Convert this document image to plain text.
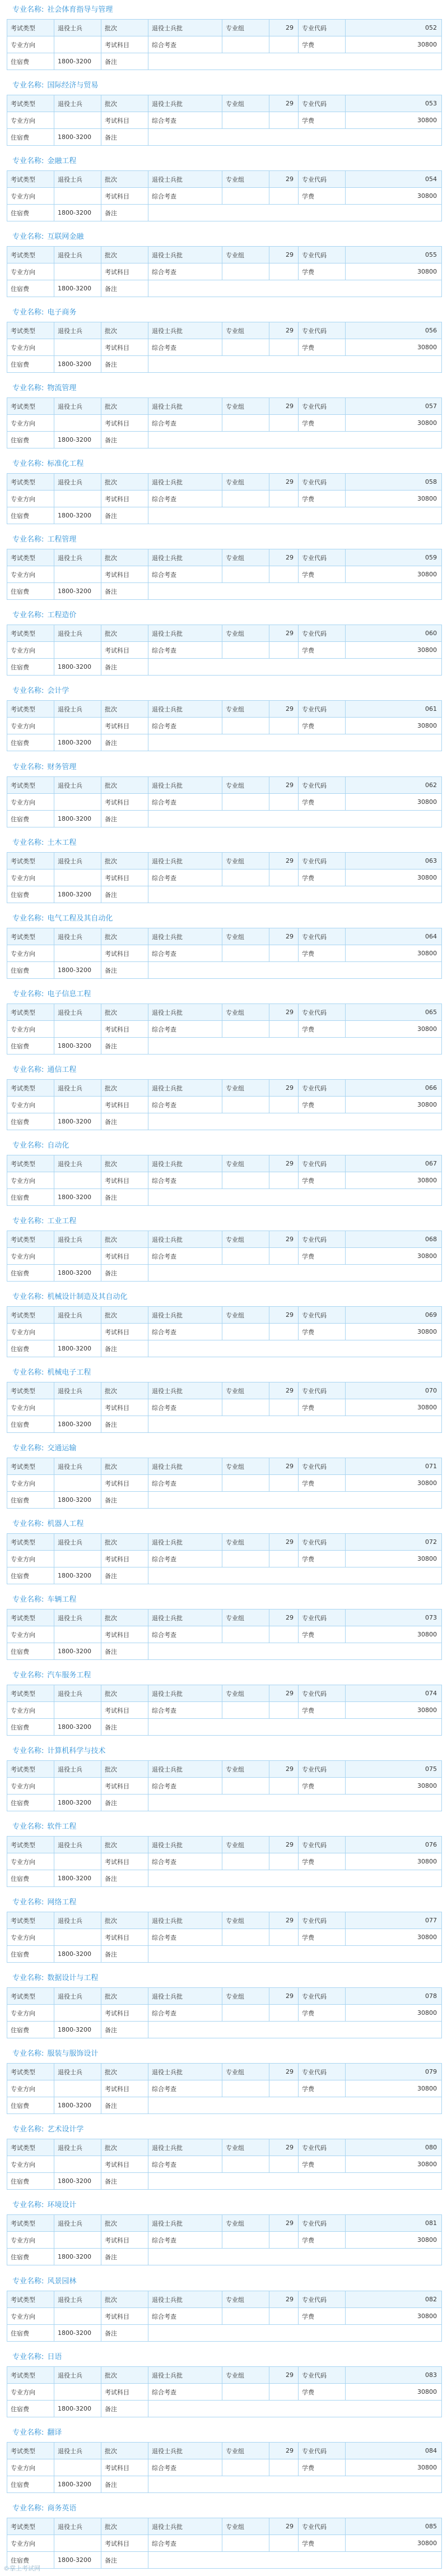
专业名称: 社会体育指导与管理
考试类型	退役士兵	批次	退役士兵批	专业组	29	专业代码	052
专业方向		考试科目	综合考查			学费	30800
住宿费	1800-3200	备注					
专业名称: 国际经济与贸易
考试类型	退役士兵	批次	退役士兵批	专业组	29	专业代码	053
专业方向		考试科目	综合考查			学费	30800
住宿费	1800-3200	备注					
专业名称: 金融工程
考试类型	退役士兵	批次	退役士兵批	专业组	29	专业代码	054
专业方向		考试科目	综合考查			学费	30800
住宿费	1800-3200	备注					
专业名称: 互联网金融
考试类型	退役士兵	批次	退役士兵批	专业组	29	专业代码	055
专业方向		考试科目	综合考查			学费	30800
住宿费	1800-3200	备注					
专业名称: 电子商务
考试类型	退役士兵	批次	退役士兵批	专业组	29	专业代码	056
专业方向		考试科目	综合考查			学费	30800
住宿费	1800-3200	备注					
专业名称: 物流管理
考试类型	退役士兵	批次	退役士兵批	专业组	29	专业代码	057
专业方向		考试科目	综合考查			学费	30800
住宿费	1800-3200	备注					
专业名称: 标准化工程
考试类型	退役士兵	批次	退役士兵批	专业组	29	专业代码	058
专业方向		考试科目	综合考查			学费	30800
住宿费	1800-3200	备注					
专业名称: 工程管理
考试类型	退役士兵	批次	退役士兵批	专业组	29	专业代码	059
专业方向		考试科目	综合考查			学费	30800
住宿费	1800-3200	备注					
专业名称: 工程造价
考试类型	退役士兵	批次	退役士兵批	专业组	29	专业代码	060
专业方向		考试科目	综合考查			学费	30800
住宿费	1800-3200	备注					
专业名称: 会计学
考试类型	退役士兵	批次	退役士兵批	专业组	29	专业代码	061
专业方向		考试科目	综合考查			学费	30800
住宿费	1800-3200	备注					
专业名称: 财务管理
考试类型	退役士兵	批次	退役士兵批	专业组	29	专业代码	062
专业方向		考试科目	综合考查			学费	30800
住宿费	1800-3200	备注					
专业名称: 土木工程
考试类型	退役士兵	批次	退役士兵批	专业组	29	专业代码	063
专业方向		考试科目	综合考查			学费	30800
住宿费	1800-3200	备注					
专业名称: 电气工程及其自动化
考试类型	退役士兵	批次	退役士兵批	专业组	29	专业代码	064
专业方向		考试科目	综合考查			学费	30800
住宿费	1800-3200	备注					
专业名称: 电子信息工程
考试类型	退役士兵	批次	退役士兵批	专业组	29	专业代码	065
专业方向		考试科目	综合考查			学费	30800
住宿费	1800-3200	备注					
专业名称: 通信工程
考试类型	退役士兵	批次	退役士兵批	专业组	29	专业代码	066
专业方向		考试科目	综合考查			学费	30800
住宿费	1800-3200	备注					
专业名称: 自动化
考试类型	退役士兵	批次	退役士兵批	专业组	29	专业代码	067
专业方向		考试科目	综合考查			学费	30800
住宿费	1800-3200	备注					
专业名称: 工业工程
考试类型	退役士兵	批次	退役士兵批	专业组	29	专业代码	068
专业方向		考试科目	综合考查			学费	30800
住宿费	1800-3200	备注					
专业名称: 机械设计制造及其自动化
考试类型	退役士兵	批次	退役士兵批	专业组	29	专业代码	069
专业方向		考试科目	综合考查			学费	30800
住宿费	1800-3200	备注					
专业名称: 机械电子工程
考试类型	退役士兵	批次	退役士兵批	专业组	29	专业代码	070
专业方向		考试科目	综合考查			学费	30800
住宿费	1800-3200	备注					
专业名称: 交通运输
考试类型	退役士兵	批次	退役士兵批	专业组	29	专业代码	071
专业方向		考试科目	综合考查			学费	30800
住宿费	1800-3200	备注					
专业名称: 机器人工程
考试类型	退役士兵	批次	退役士兵批	专业组	29	专业代码	072
专业方向		考试科目	综合考查			学费	30800
住宿费	1800-3200	备注					
专业名称: 车辆工程
考试类型	退役士兵	批次	退役士兵批	专业组	29	专业代码	073
专业方向		考试科目	综合考查			学费	30800
住宿费	1800-3200	备注					
专业名称: 汽车服务工程
考试类型	退役士兵	批次	退役士兵批	专业组	29	专业代码	074
专业方向		考试科目	综合考查			学费	30800
住宿费	1800-3200	备注					
专业名称: 计算机科学与技术
考试类型	退役士兵	批次	退役士兵批	专业组	29	专业代码	075
专业方向		考试科目	综合考查			学费	30800
住宿费	1800-3200	备注					
专业名称: 软件工程
考试类型	退役士兵	批次	退役士兵批	专业组	29	专业代码	076
专业方向		考试科目	综合考查			学费	30800
住宿费	1800-3200	备注					
专业名称: 网络工程
考试类型	退役士兵	批次	退役士兵批	专业组	29	专业代码	077
专业方向		考试科目	综合考查			学费	30800
住宿费	1800-3200	备注					
专业名称: 数据设计与工程
考试类型	退役士兵	批次	退役士兵批	专业组	29	专业代码	078
专业方向		考试科目	综合考查			学费	30800
住宿费	1800-3200	备注					
专业名称: 服装与服饰设计
考试类型	退役士兵	批次	退役士兵批	专业组	29	专业代码	079
专业方向		考试科目	综合考查			学费	30800
住宿费	1800-3200	备注					
专业名称: 艺术设计学
考试类型	退役士兵	批次	退役士兵批	专业组	29	专业代码	080
专业方向		考试科目	综合考查			学费	30800
住宿费	1800-3200	备注					
专业名称: 环境设计
考试类型	退役士兵	批次	退役士兵批	专业组	29	专业代码	081
专业方向		考试科目	综合考查			学费	30800
住宿费	1800-3200	备注					
专业名称: 风景园林
考试类型	退役士兵	批次	退役士兵批	专业组	29	专业代码	082
专业方向		考试科目	综合考查			学费	30800
住宿费	1800-3200	备注					
专业名称: 日语
考试类型	退役士兵	批次	退役士兵批	专业组	29	专业代码	083
专业方向		考试科目	综合考查			学费	30800
住宿费	1800-3200	备注					
专业名称: 翻译
考试类型	退役士兵	批次	退役士兵批	专业组	29	专业代码	084
专业方向		考试科目	综合考查			学费	30800
住宿费	1800-3200	备注					
专业名称: 商务英语
考试类型	退役士兵	批次	退役士兵批	专业组	29	专业代码	085
专业方向		考试科目	综合考查			学费	30800
住宿费	1800-3200	备注					
©掌上考试网
